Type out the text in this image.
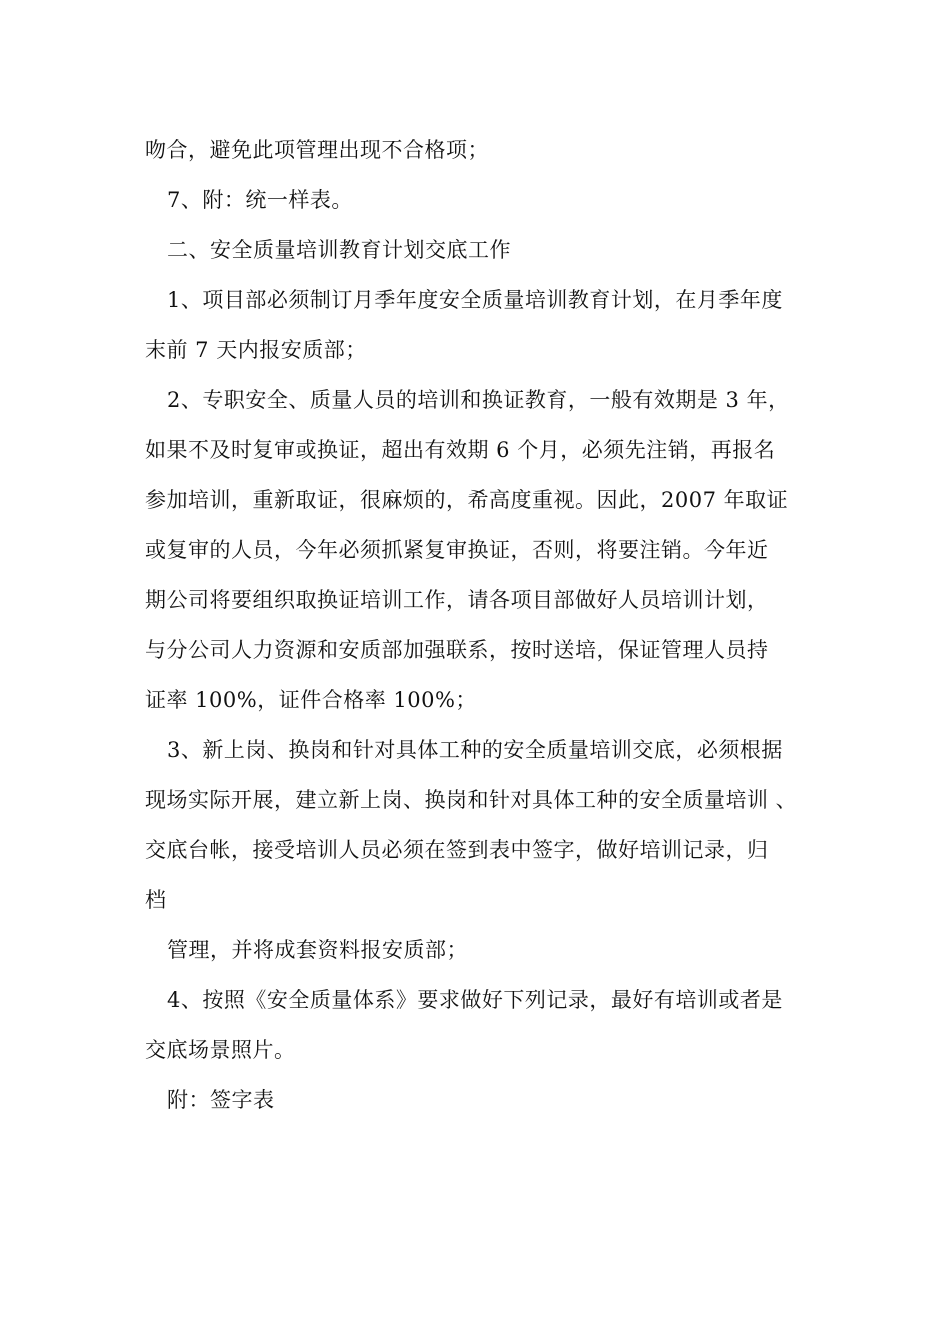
吻合，避免此项管理出现不合格项；
7、附：统一样表。
二、安全质量培训教育计划交底工作
1、项目部必须制订月季年度安全质量培训教育计划，在月季年度
末前 7 天内报安质部；
2、专职安全、质量人员的培训和换证教育，一般有效期是 3 年，
如果不及时复审或换证，超出有效期 6 个月，必须先注销，再报名
参加培训，重新取证，很麻烦的，希高度重视。因此，2007 年取证
或复审的人员，今年必须抓紧复审换证，否则，将要注销。今年近
期公司将要组织取换证培训工作，请各项目部做好人员培训计划，
与分公司人力资源和安质部加强联系，按时送培，保证管理人员持
证率 100%，证件合格率 100%；
3、新上岗、换岗和针对具体工种的安全质量培训交底，必须根据
现场实际开展，建立新上岗、换岗和针对具体工种的安全质量培训 、
交底台帐，接受培训人员必须在签到表中签字，做好培训记录，归
档
管理，并将成套资料报安质部；
4、按照《安全质量体系》要求做好下列记录，最好有培训或者是
交底场景照片。
附：签字表
